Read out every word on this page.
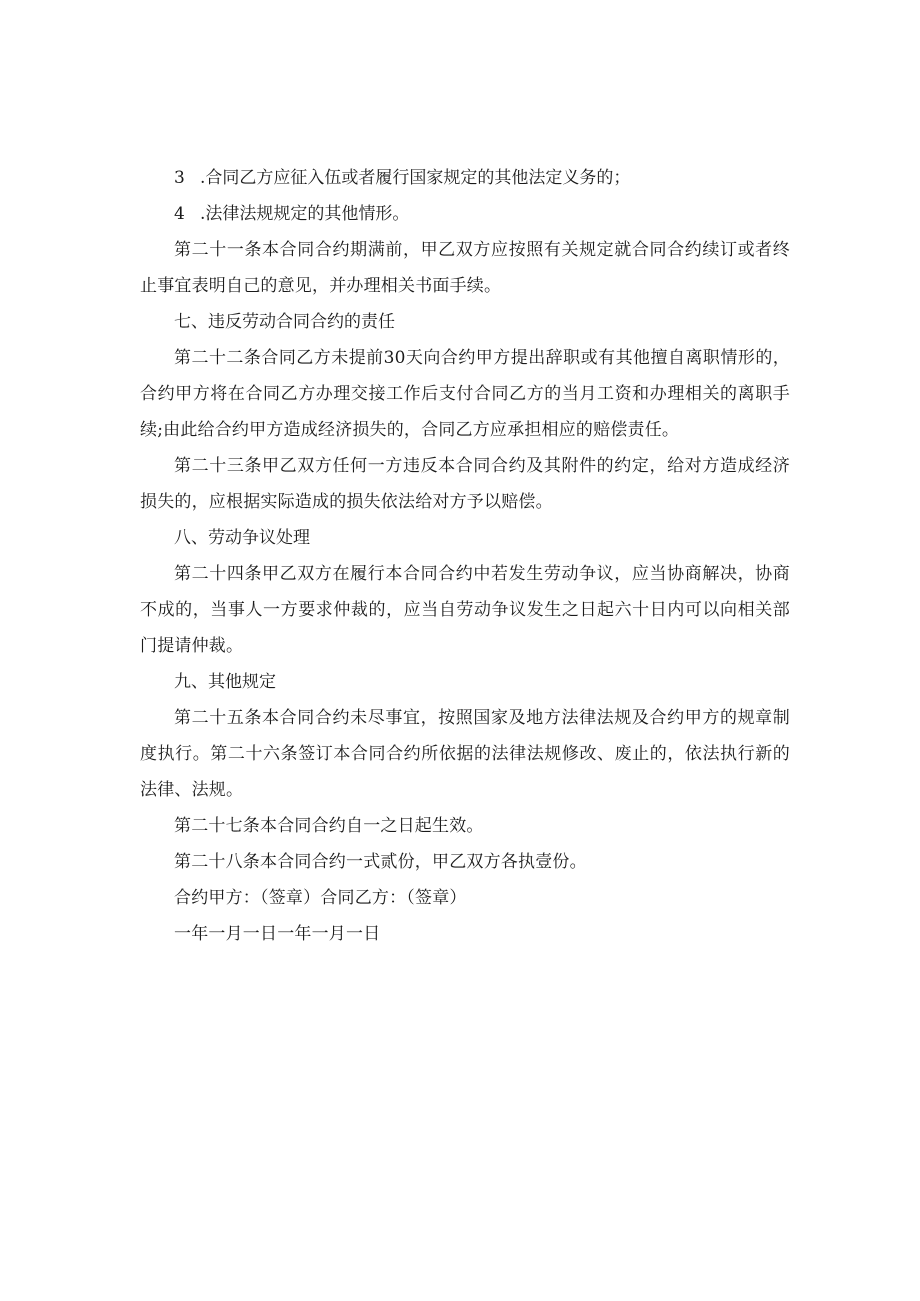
3 .合同乙方应征入伍或者履行国家规定的其他法定义务的；

4 .法律法规规定的其他情形。

第二十一条本合同合约期满前，甲乙双方应按照有关规定就合同合约续订或者终止事宜表明自己的意见，并办理相关书面手续。

七、违反劳动合同合约的责任

第二十二条合同乙方未提前30天向合约甲方提出辞职或有其他擅自离职情形的，合约甲方将在合同乙方办理交接工作后支付合同乙方的当月工资和办理相关的离职手续;由此给合约甲方造成经济损失的，合同乙方应承担相应的赔偿责任。

第二十三条甲乙双方任何一方违反本合同合约及其附件的约定，给对方造成经济损失的，应根据实际造成的损失依法给对方予以赔偿。

八、劳动争议处理

第二十四条甲乙双方在履行本合同合约中若发生劳动争议，应当协商解决，协商不成的，当事人一方要求仲裁的，应当自劳动争议发生之日起六十日内可以向相关部门提请仲裁。

九、其他规定

第二十五条本合同合约未尽事宜，按照国家及地方法律法规及合约甲方的规章制度执行。第二十六条签订本合同合约所依据的法律法规修改、废止的，依法执行新的法律、法规。

第二十七条本合同合约自一之日起生效。

第二十八条本合同合约一式贰份，甲乙双方各执壹份。

合约甲方：（签章）合同乙方：（签章）

一年一月一日一年一月一日
